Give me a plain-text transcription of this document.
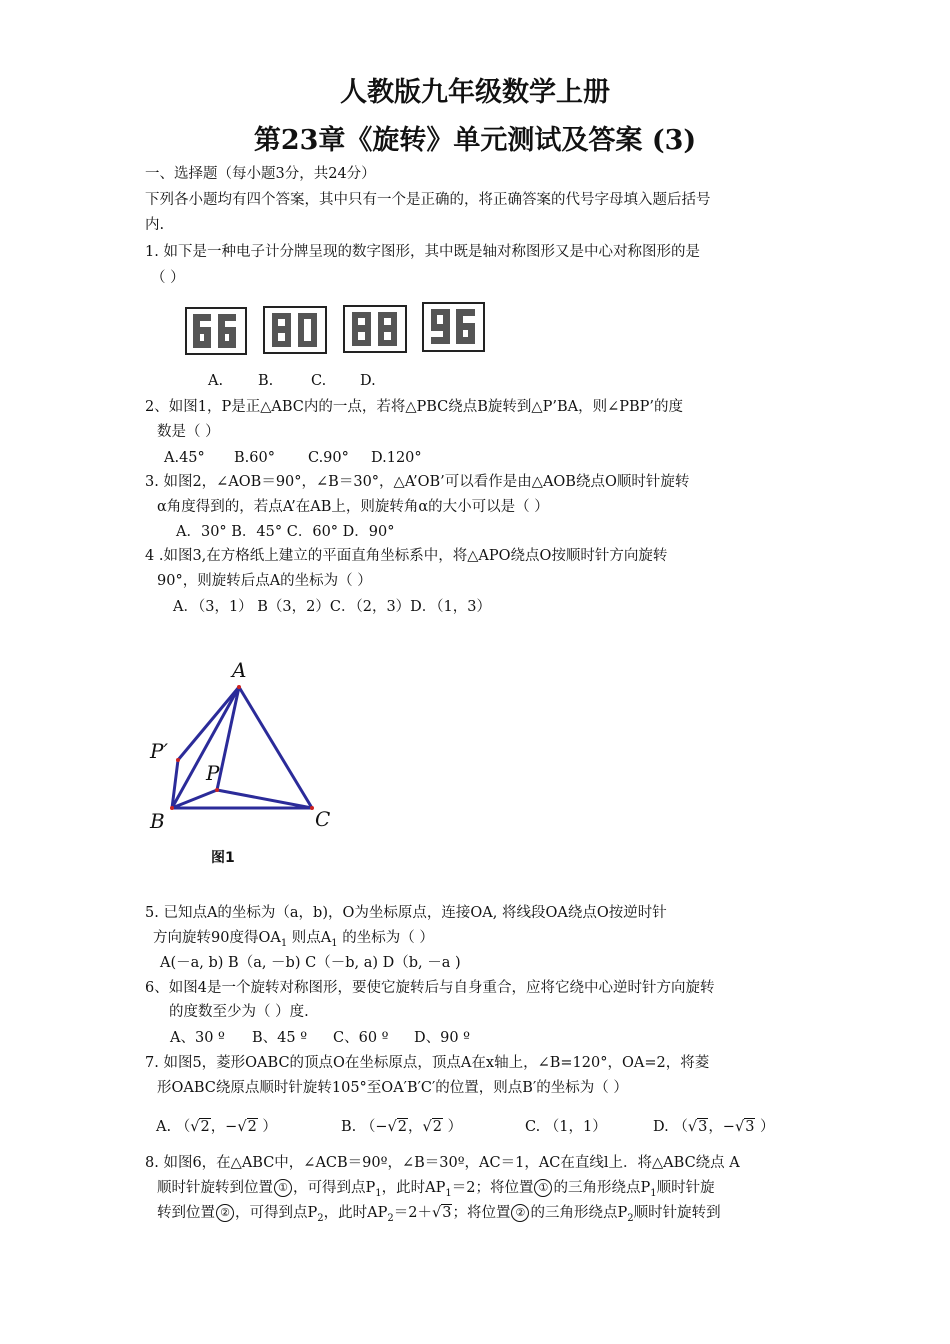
人教版九年级数学上册
第23章《旋转》单元测试及答案 (3)
一、选择题（每小题3分，共24分）
下列各小题均有四个答案，其中只有一个是正确的，将正确答案的代号字母填入题后括号
内.
1. 如下是一种电子计分牌呈现的数字图形，其中既是轴对称图形又是中心对称图形的是
（ ）
A. B.	C. D.
2、如图1，P是正△ABC内的一点，若将△PBC绕点B旋转到△P’BA，则∠PBP’的度
数是（ ）
A.45° B.60° C.90° D.120°
3. 如图2，∠AOB＝90°，∠B＝30°，△A’OB’可以看作是由△AOB绕点O顺时针旋转
α角度得到的，若点A’在AB上，则旋转角α的大小可以是（ ）
A．30° B．45° C．60° D．90°
4 .如图3,在方格纸上建立的平面直角坐标系中，将△APO绕点O按顺时针方向旋转
90°，则旋转后点A的坐标为（ ）
A．（3，1） B（3，2）C．（2，3）D．（1，3）
A
P′
P
B	C
图1
5. 已知点A的坐标为（a，b)，O为坐标原点，连接OA, 将线段OA绕点O按逆时针
方向旋转90度得$OA_1$ 则点$A_1$ 的坐标为（ ）
A(－a, b) B（a, －b) C（－b, a) D（b, －a )
6、如图4是一个旋转对称图形，要使它旋转后与自身重合，应将它绕中心逆时针方向旋转
的度数至少为（ ）度.
A、30 º B、45 º C、60 º D、90 º
7. 如图5，菱形OABC的顶点O在坐标原点，顶点A在x轴上，∠B=120°，OA=2，将菱
形OABC绕原点顺时针旋转105°至OA′B′C′的位置，则点B′的坐标为（ ）
A. （√2，−√2 ）	B. （−√2，√2 ）	C. （1，1）	D. （√3，−√3 ）
8. 如图6，在△ABC中，∠ACB＝90º，∠B＝30º，AC＝1，AC在直线l上．将△ABC绕点 A
顺时针旋转到位置 ① ，可得到点$P_1$，此时$AP_1=2$；将位置 ① 的三角形绕点$P_1$顺时针旋
转到位置 ② ，可得到点$P_2$，此时$AP_2=2+√3$；将位置 ② 的三角形绕点$P_2$顺时针旋转到
